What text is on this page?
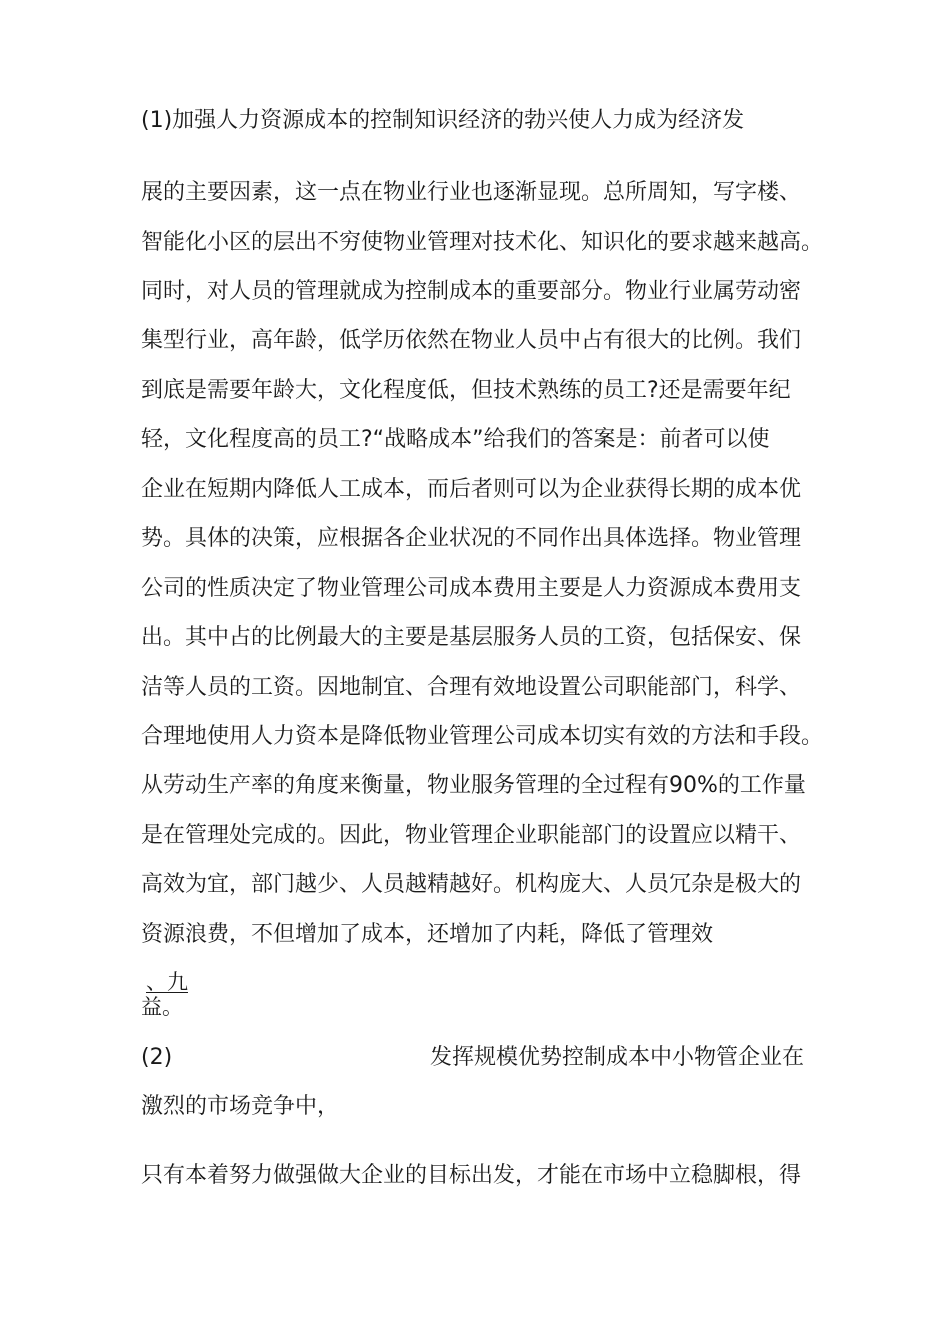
(1)加强人力资源成本的控制知识经济的勃兴使人力成为经济发
展的主要因素，这一点在物业行业也逐渐显现。总所周知，写字楼、
智能化小区的层出不穷使物业管理对技术化、知识化的要求越来越高。
同时，对人员的管理就成为控制成本的重要部分。物业行业属劳动密
集型行业，高年龄，低学历依然在物业人员中占有很大的比例。我们
到底是需要年龄大，文化程度低，但技术熟练的员工?还是需要年纪
轻，文化程度高的员工?“战略成本”给我们的答案是：前者可以使
企业在短期内降低人工成本，而后者则可以为企业获得长期的成本优
势。具体的决策，应根据各企业状况的不同作出具体选择。物业管理
公司的性质决定了物业管理公司成本费用主要是人力资源成本费用支
出。其中占的比例最大的主要是基层服务人员的工资，包括保安、保
洁等人员的工资。因地制宜、合理有效地设置公司职能部门，科学、
合理地使用人力资本是降低物业管理公司成本切实有效的方法和手段。
从劳动生产率的角度来衡量，物业服务管理的全过程有90%的工作量
是在管理处完成的。因此，物业管理企业职能部门的设置应以精干、
高效为宜，部门越少、人员越精越好。机构庞大、人员冗杂是极大的
资源浪费，不但增加了成本，还增加了内耗，降低了管理效
、九
益。
(2)	发挥规模优势控制成本中小物管企业在
激烈的市场竞争中，
只有本着努力做强做大企业的目标出发，才能在市场中立稳脚根，得
